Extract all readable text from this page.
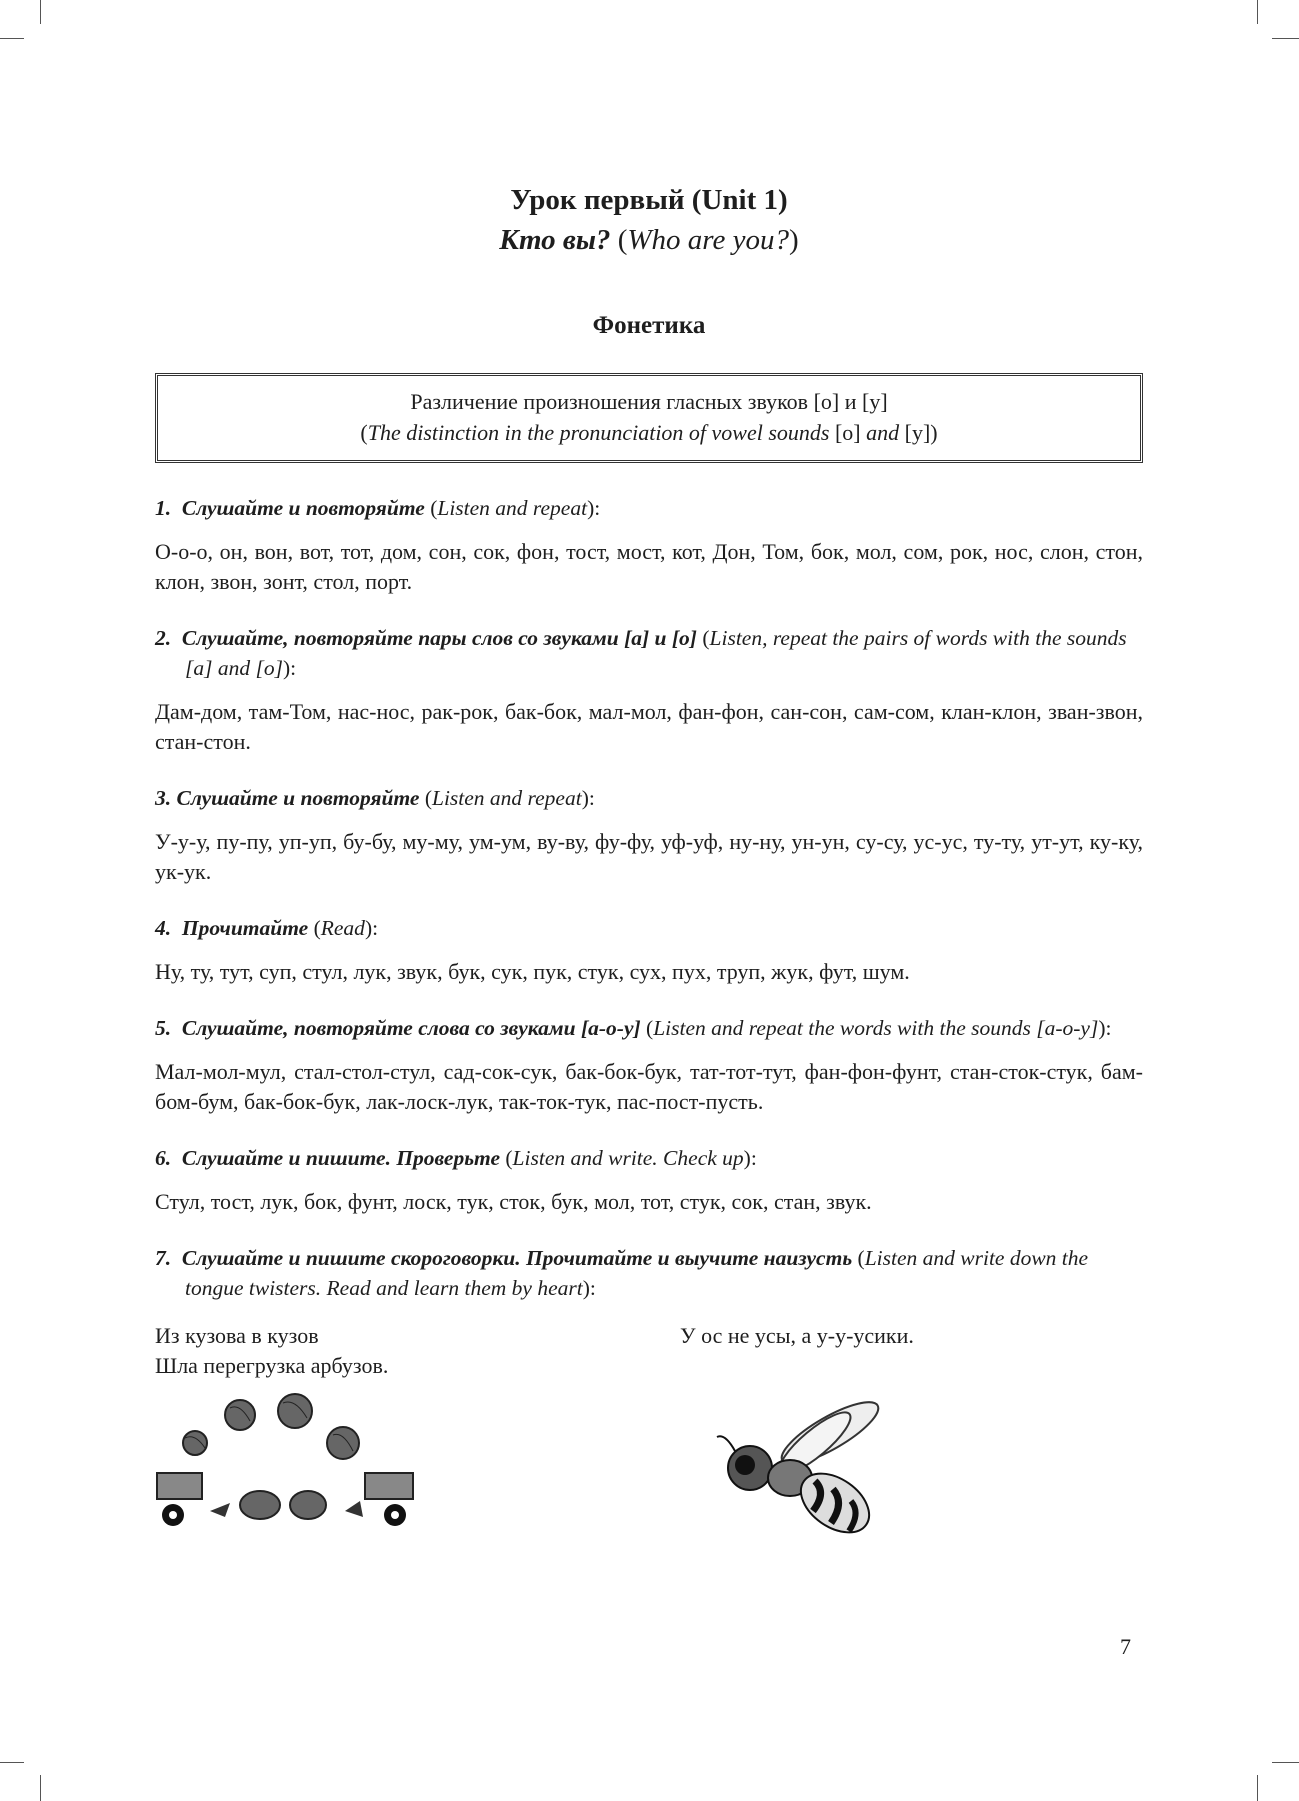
Урок первый (Unit 1)
Кто вы? (Who are you?)
Фонетика
Различение произношения гласных звуков [о] и [у]
(The distinction in the pronunciation of vowel sounds [о] and [у])
1. Слушайте и повторяйте (Listen and repeat):
О-о-о, он, вон, вот, тот, дом, сон, сок, фон, тост, мост, кот, Дон, Том, бок, мол, сом, рок, нос, слон, стон, клон, звон, зонт, стол, порт.
2. Слушайте, повторяйте пары слов со звуками [а] и [о] (Listen, repeat the pairs of words with the sounds [a] and [o]):
Дам-дом, там-Том, нас-нос, рак-рок, бак-бок, мал-мол, фан-фон, сан-сон, сам-сом, клан-клон, зван-звон, стан-стон.
3. Слушайте и повторяйте (Listen and repeat):
У-у-у, пу-пу, уп-уп, бу-бу, му-му, ум-ум, ву-ву, фу-фу, уф-уф, ну-ну, ун-ун, су-су, ус-ус, ту-ту, ут-ут, ку-ку, ук-ук.
4. Прочитайте (Read):
Ну, ту, тут, суп, стул, лук, звук, бук, сук, пук, стук, сух, пух, труп, жук, фут, шум.
5. Слушайте, повторяйте слова со звуками [а-о-у] (Listen and repeat the words with the sounds [a-o-y]):
Мал-мол-мул, стал-стол-стул, сад-сок-сук, бак-бок-бук, тат-тот-тут, фан-фон-фунт, стан-сток-стук, бам-бом-бум, бак-бок-бук, лак-лоск-лук, так-ток-тук, пас-пост-пусть.
6. Слушайте и пишите. Проверьте (Listen and write. Check up):
Стул, тост, лук, бок, фунт, лоск, тук, сток, бук, мол, тот, стук, сок, стан, звук.
7. Слушайте и пишите скороговорки. Прочитайте и выучите наизусть (Listen and write down the tongue twisters. Read and learn them by heart):
Из кузова в кузов
Шла перегрузка арбузов.
У ос не усы, а у-у-усики.
7
